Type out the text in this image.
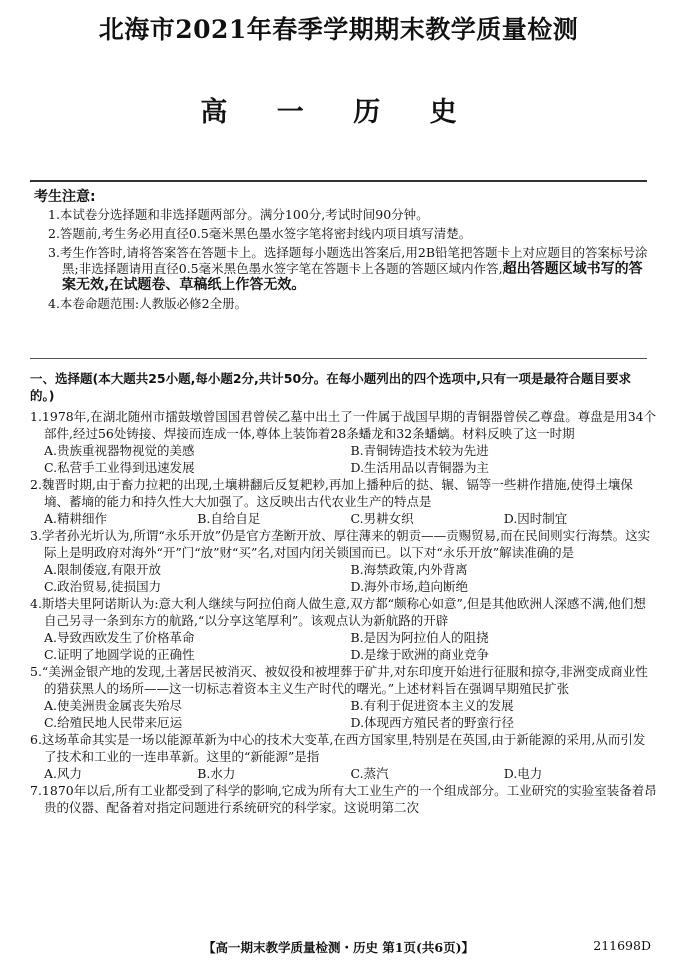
北海市2021年春季学期期末教学质量检测
高 一 历 史
考生注意:

1.本试卷分选择题和非选择题两部分。满分100分,考试时间90分钟。

2.答题前,考生务必用直径0.5毫米黑色墨水签字笔将密封线内项目填写清楚。

3.考生作答时,请将答案答在答题卡上。选择题每小题选出答案后,用2B铅笔把答题卡上对应题目的答案标号涂黑;非选择题请用直径0.5毫米黑色墨水签字笔在答题卡上各题的答题区域内作答,超出答题区域书写的答案无效,在试题卷、草稿纸上作答无效。

4.本卷命题范围:人教版必修2全册。

一、选择题(本大题共25小题,每小题2分,共计50分。在每小题列出的四个选项中,只有一项是最符合题目要求的。)
1.1978年,在湖北随州市擂鼓墩曾国国君曾侯乙墓中出土了一件属于战国早期的青铜器曾侯乙尊盘。尊盘是用34个部件,经过56处铸接、焊接而连成一体,尊体上装饰着28条蟠龙和32条蟠螭。材料反映了这一时期
A.贵族重视器物视觉的美感	B.青铜铸造技术较为先进
C.私营手工业得到迅速发展	D.生活用品以青铜器为主
2.魏晋时期,由于畜力拉耙的出现,土壤耕翻后反复耙耖,再加上播种后的挞、辗、镉等一些耕作措施,使得土壤保墒、蓄墒的能力和持久性大大加强了。这反映出古代农业生产的特点是
A.精耕细作	B.自给自足	C.男耕女织	D.因时制宜
3.学者孙光圻认为,所谓“永乐开放”仍是官方垄断开放、厚往薄来的朝贡——贡赐贸易,而在民间则实行海禁。这实际上是明政府对海外“开”门“放”财“买”名,对国内闭关锁国而已。以下对“永乐开放”解读准确的是
A.限制倭寇,有限开放	B.海禁政策,内外背离
C.政治贸易,徒损国力	D.海外市场,趋向断绝
4.斯塔夫里阿诺斯认为:意大利人继续与阿拉伯商人做生意,双方都“颇称心如意”,但是其他欧洲人深感不满,他们想自己另寻一条到东方的航路,“以分享这笔厚利”。该观点认为新航路的开辟
A.导致西欧发生了价格革命	B.是因为阿拉伯人的阻挠
C.证明了地圆学说的正确性	D.是缘于欧洲的商业竞争
5.“美洲金银产地的发现,土著居民被消灭、被奴役和被埋葬于矿井,对东印度开始进行征服和掠夺,非洲变成商业性的猎获黑人的场所——这一切标志着资本主义生产时代的曙光。”上述材料旨在强调早期殖民扩张
A.使美洲贵金属丧失殆尽	B.有利于促进资本主义的发展
C.给殖民地人民带来厄运	D.体现西方殖民者的野蛮行径
6.这场革命其实是一场以能源革新为中心的技术大变革,在西方国家里,特别是在英国,由于新能源的采用,从而引发了技术和工业的一连串革新。这里的“新能源”是指
A.风力	B.水力	C.蒸汽	D.电力
7.1870年以后,所有工业都受到了科学的影响,它成为所有大工业生产的一个组成部分。工业研究的实验室装备着昂贵的仪器、配备着对指定问题进行系统研究的科学家。这说明第二次
【高一期末教学质量检测・历史 第1页(共6页)】	211698D
